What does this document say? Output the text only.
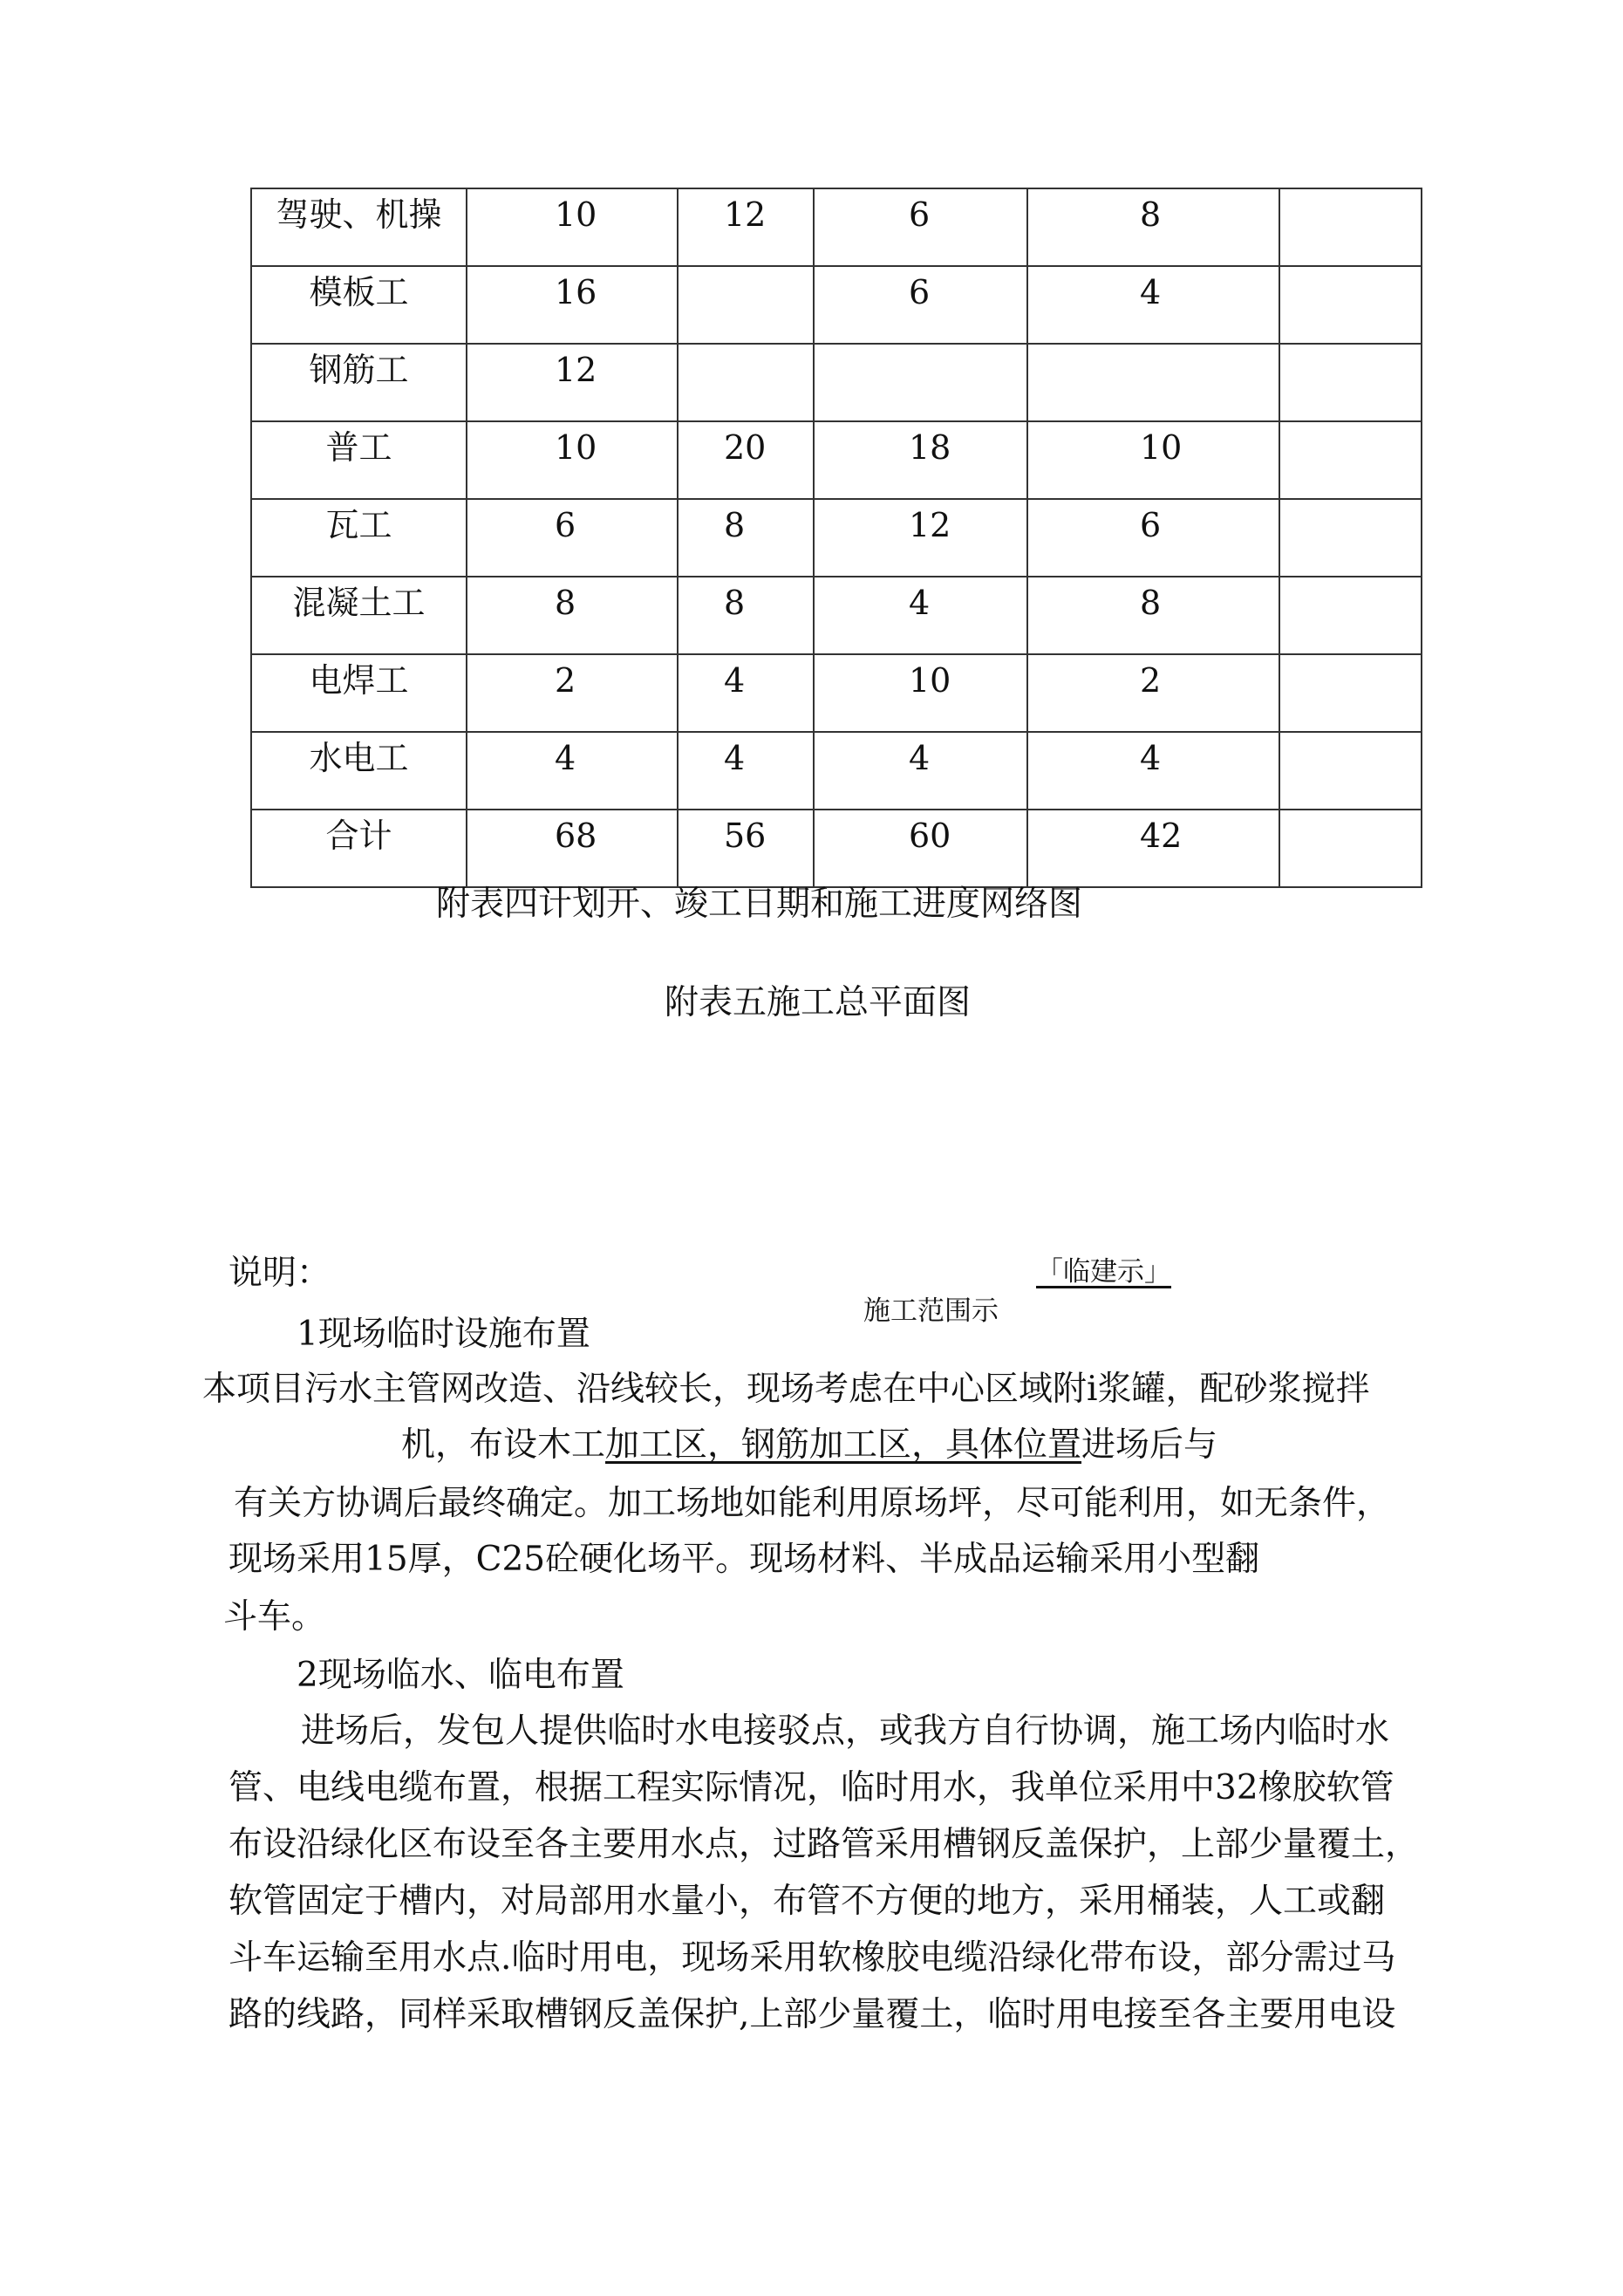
驾驶、机操	10	12	6	8	
模板工	16		6	4	
钢筋工	12				
普工	10	20	18	10	
瓦工	6	8	12	6	
混凝土工	8	8	4	8	
电焊工	2	4	10	2	
水电工	4	4	4	4	
合计	68	56	60	42	
附表四计划开、竣工日期和施工进度网络图
附表五施工总平面图
「临建示」
施工范围示
说明：
1现场临时设施布置
本项目污水主管网改造、沿线较长，现场考虑在中心区域附i浆罐，配砂浆搅拌
机，布设木工加工区，钢筋加工区，具体位置进场后与
有关方协调后最终确定。加工场地如能利用原场坪，尽可能利用，如无条件，
现场采用15厚，C25砼硬化场平。现场材料、半成品运输采用小型翻
斗车。
2现场临水、临电布置
进场后，发包人提供临时水电接驳点，或我方自行协调，施工场内临时水
管、电线电缆布置，根据工程实际情况，临时用水，我单位采用中32橡胶软管
布设沿绿化区布设至各主要用水点，过路管采用槽钢反盖保护，上部少量覆土，
软管固定于槽内，对局部用水量小，布管不方便的地方，采用桶装，人工或翻
斗车运输至用水点.临时用电，现场采用软橡胶电缆沿绿化带布设，部分需过马
路的线路，同样采取槽钢反盖保护,上部少量覆土，临时用电接至各主要用电设
